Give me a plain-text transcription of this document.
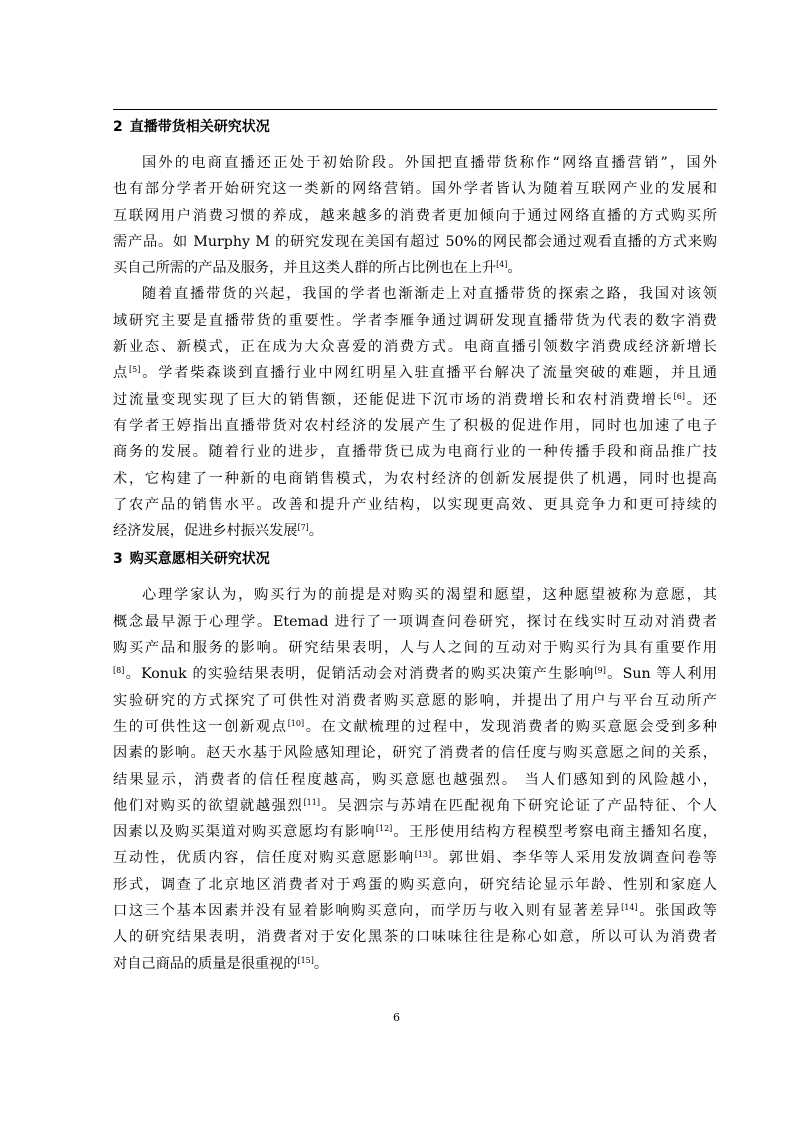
2 直播带货相关研究状况

国外的电商直播还正处于初始阶段。外国把直播带货称作“网络直播营销”，国外
也有部分学者开始研究这一类新的网络营销。国外学者皆认为随着互联网产业的发展和
互联网用户消费习惯的养成，越来越多的消费者更加倾向于通过网络直播的方式购买所
需产品。如 Murphy M 的研究发现在美国有超过 50%的网民都会通过观看直播的方式来购
买自己所需的产品及服务，并且这类人群的所占比例也在上升[4]。

随着直播带货的兴起，我国的学者也渐渐走上对直播带货的探索之路，我国对该领
域研究主要是直播带货的重要性。学者李雁争通过调研发现直播带货为代表的数字消费
新业态、新模式，正在成为大众喜爱的消费方式。电商直播引领数字消费成经济新增长
点[5]。学者柴森谈到直播行业中网红明星入驻直播平台解决了流量突破的难题，并且通
过流量变现实现了巨大的销售额，还能促进下沉市场的消费增长和农村消费增长[6]。还
有学者王婷指出直播带货对农村经济的发展产生了积极的促进作用，同时也加速了电子
商务的发展。随着行业的进步，直播带货已成为电商行业的一种传播手段和商品推广技
术，它构建了一种新的电商销售模式，为农村经济的创新发展提供了机遇，同时也提高
了农产品的销售水平。改善和提升产业结构，以实现更高效、更具竞争力和更可持续的
经济发展，促进乡村振兴发展[7]。

3 购买意愿相关研究状况

心理学家认为，购买行为的前提是对购买的渴望和愿望，这种愿望被称为意愿，其
概念最早源于心理学。Etemad 进行了一项调查问卷研究，探讨在线实时互动对消费者
购买产品和服务的影响。研究结果表明，人与人之间的互动对于购买行为具有重要作用
[8]。Konuk 的实验结果表明，促销活动会对消费者的购买决策产生影响[9]。Sun 等人利用
实验研究的方式探究了可供性对消费者购买意愿的影响，并提出了用户与平台互动所产
生的可供性这一创新观点[10]。在文献梳理的过程中，发现消费者的购买意愿会受到多种
因素的影响。赵天水基于风险感知理论，研究了消费者的信任度与购买意愿之间的关系，
结果显示，消费者的信任程度越高，购买意愿也越强烈。 当人们感知到的风险越小，
他们对购买的欲望就越强烈[11]。吴泗宗与苏靖在匹配视角下研究论证了产品特征、个人
因素以及购买渠道对购买意愿均有影响[12]。王彤使用结构方程模型考察电商主播知名度，
互动性，优质内容，信任度对购买意愿影响[13]。郭世娟、李华等人采用发放调查问卷等
形式，调查了北京地区消费者对于鸡蛋的购买意向，研究结论显示年龄、性别和家庭人
口这三个基本因素并没有显着影响购买意向，而学历与收入则有显著差异[14]。张国政等
人的研究结果表明，消费者对于安化黑茶的口味味往往是称心如意，所以可认为消费者
对自己商品的质量是很重视的[15]。

6
